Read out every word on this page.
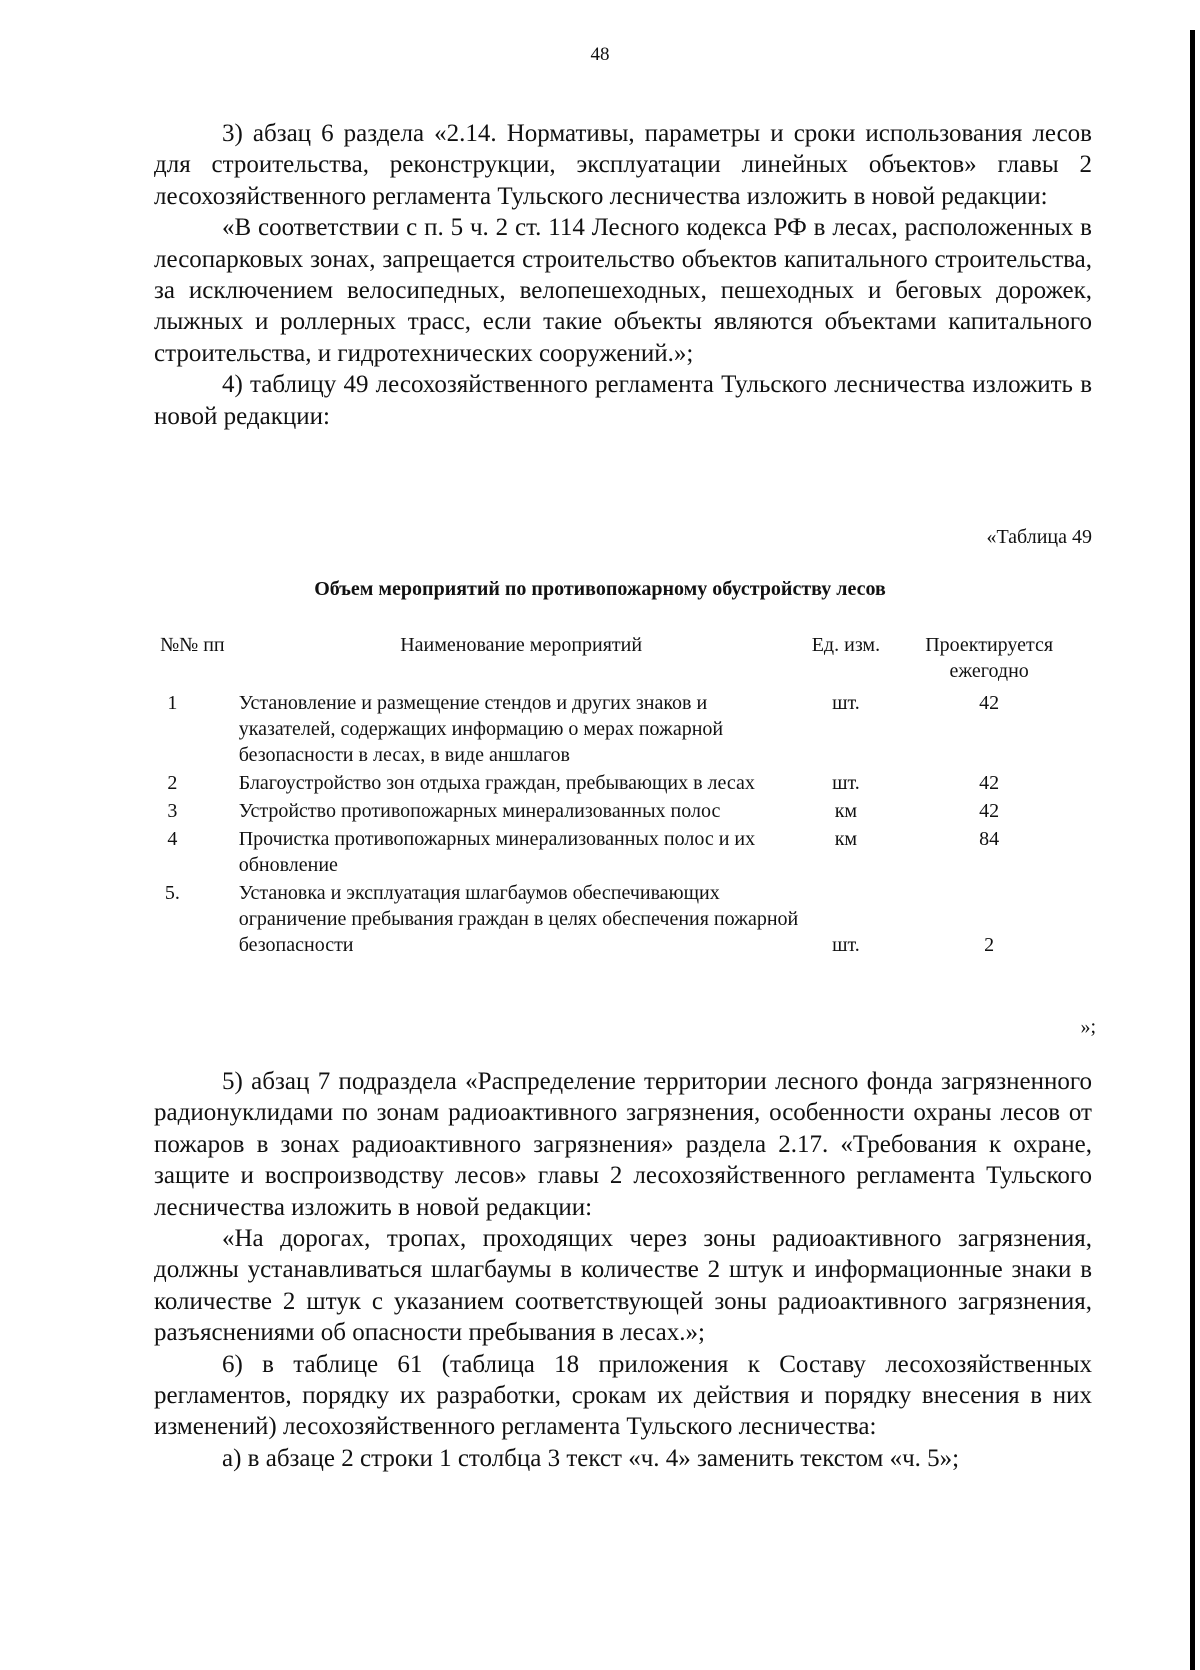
48

3) абзац 6 раздела «2.14. Нормативы, параметры и сроки использования лесов для строительства, реконструкции, эксплуатации линейных объектов» главы 2 лесохозяйственного регламента Тульского лесничества изложить в новой редакции:

«В соответствии с п. 5 ч. 2 ст. 114 Лесного кодекса РФ в лесах, расположенных в лесопарковых зонах, запрещается строительство объектов капитального строительства, за исключением велосипедных, велопешеходных, пешеходных и беговых дорожек, лыжных и роллерных трасс, если такие объекты являются объектами капитального строительства, и гидротехнических сооружений.»;

4) таблицу 49 лесохозяйственного регламента Тульского лесничества изложить в новой редакции:

«Таблица 49
Объем мероприятий по противопожарному обустройству лесов
№№ пп	Наименование мероприятий	Ед. изм.	Проектируется ежегодно
1	Установление и размещение стендов и других знаков и указателей, содержащих информацию о мерах пожарной безопасности в лесах, в виде аншлагов	шт.	42
2	Благоустройство зон отдыха граждан, пребывающих в лесах	шт.	42
3	Устройство противопожарных минерализованных полос	км	42
4	Прочистка противопожарных минерализованных полос и их обновление	км	84
5.	Установка и эксплуатация шлагбаумов обеспечивающих ограничение пребывания граждан в целях обеспечения пожарной безопасности	шт.	2
»;

5) абзац 7 подраздела «Распределение территории лесного фонда загрязненного радионуклидами по зонам радиоактивного загрязнения, особенности охраны лесов от пожаров в зонах радиоактивного загрязнения» раздела 2.17. «Требования к охране, защите и воспроизводству лесов» главы 2 лесохозяйственного регламента Тульского лесничества изложить в новой редакции:

«На дорогах, тропах, проходящих через зоны радиоактивного загрязнения, должны устанавливаться шлагбаумы в количестве 2 штук и информационные знаки в количестве 2 штук с указанием соответствующей зоны радиоактивного загрязнения, разъяснениями об опасности пребывания в лесах.»;

6) в таблице 61 (таблица 18 приложения к Составу лесохозяйственных регламентов, порядку их разработки, срокам их действия и порядку внесения в них изменений) лесохозяйственного регламента Тульского лесничества:

а) в абзаце 2 строки 1 столбца 3 текст «ч. 4» заменить текстом «ч. 5»;
